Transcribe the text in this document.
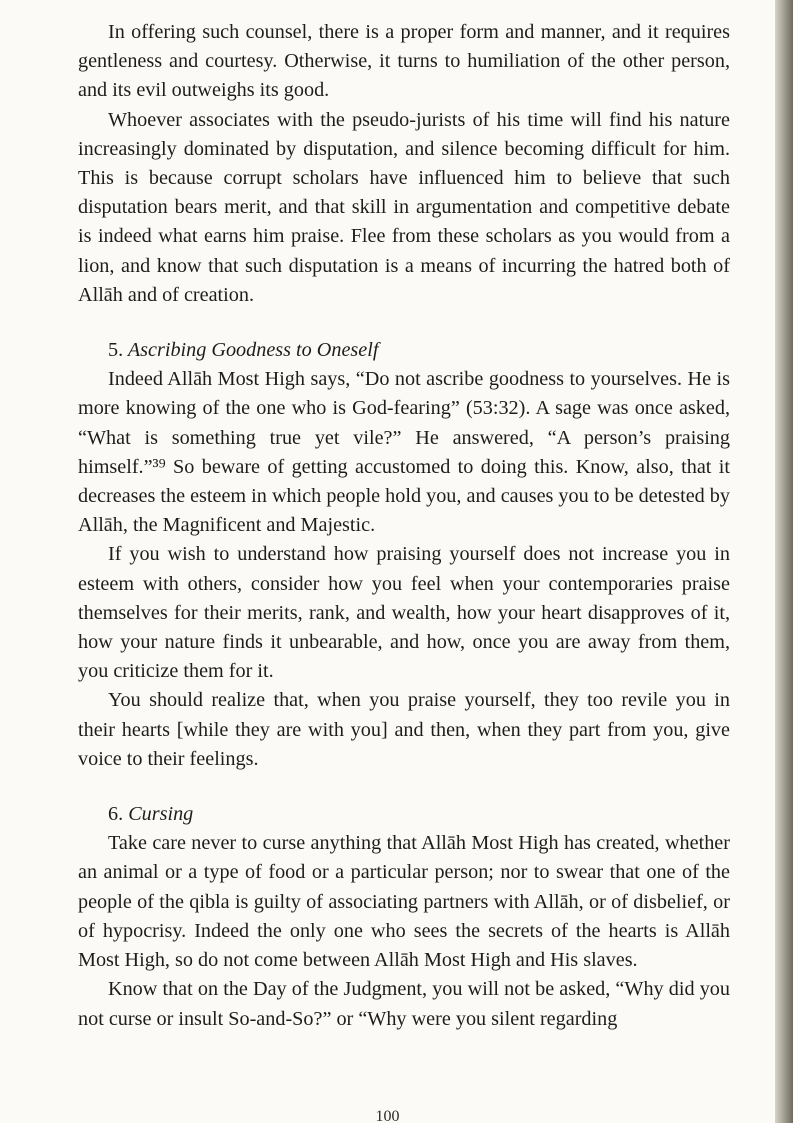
In offering such counsel, there is a proper form and manner, and it requires gentleness and courtesy. Otherwise, it turns to humiliation of the other person, and its evil outweighs its good.

Whoever associates with the pseudo-jurists of his time will find his nature increasingly dominated by disputation, and silence becoming difficult for him. This is because corrupt scholars have influenced him to believe that such disputation bears merit, and that skill in argumentation and competitive debate is indeed what earns him praise. Flee from these scholars as you would from a lion, and know that such disputation is a means of incurring the hatred both of Allāh and of creation.

5. Ascribing Goodness to Oneself

Indeed Allāh Most High says, “Do not ascribe goodness to yourselves. He is more knowing of the one who is God-fearing” (53:32). A sage was once asked, “What is something true yet vile?” He answered, “A person’s praising himself.”³⁹ So beware of getting accustomed to doing this. Know, also, that it decreases the esteem in which people hold you, and causes you to be detested by Allāh, the Magnificent and Majestic.

If you wish to understand how praising yourself does not increase you in esteem with others, consider how you feel when your contemporaries praise themselves for their merits, rank, and wealth, how your heart disapproves of it, how your nature finds it unbearable, and how, once you are away from them, you criticize them for it.

You should realize that, when you praise yourself, they too revile you in their hearts [while they are with you] and then, when they part from you, give voice to their feelings.

6. Cursing

Take care never to curse anything that Allāh Most High has created, whether an animal or a type of food or a particular person; nor to swear that one of the people of the qibla is guilty of associating partners with Allāh, or of disbelief, or of hypocrisy. Indeed the only one who sees the secrets of the hearts is Allāh Most High, so do not come between Allāh Most High and His slaves.

Know that on the Day of the Judgment, you will not be asked, “Why did you not curse or insult So-and-So?” or “Why were you silent regarding

100
